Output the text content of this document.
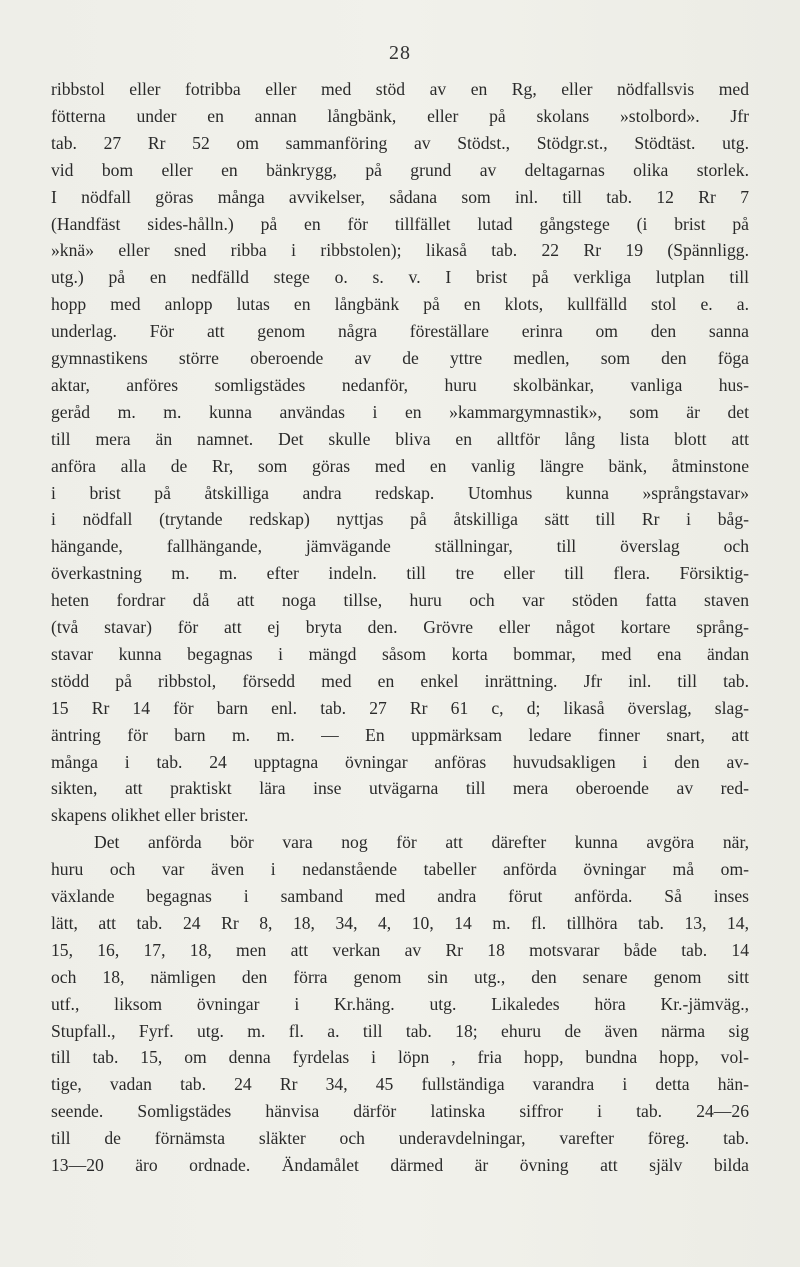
28
ribbstol eller fotribba eller med stöd av en Rg, eller nödfallsvis med
fötterna under en annan långbänk, eller på skolans »stolbord». Jfr
tab. 27 Rr 52 om sammanföring av Stödst., Stödgr.st., Stödtäst. utg.
vid bom eller en bänkrygg, på grund av deltagarnas olika storlek.
I nödfall göras många avvikelser, sådana som inl. till tab. 12 Rr 7
(Handfäst sides-hålln.) på en för tillfället lutad gångstege (i brist på
»knä» eller sned ribba i ribbstolen); likaså tab. 22 Rr 19 (Spännligg.
utg.) på en nedfälld stege o. s. v. I brist på verkliga lutplan till
hopp med anlopp lutas en långbänk på en klots, kullfälld stol e. a.
underlag. För att genom några föreställare erinra om den sanna
gymnastikens större oberoende av de yttre medlen, som den föga
aktar, anföres somligstädes nedanför, huru skolbänkar, vanliga hus-
geråd m. m. kunna användas i en »kammargymnastik», som är det
till mera än namnet. Det skulle bliva en alltför lång lista blott att
anföra alla de Rr, som göras med en vanlig längre bänk, åtminstone
i brist på åtskilliga andra redskap. Utomhus kunna »språngstavar»
i nödfall (trytande redskap) nyttjas på åtskilliga sätt till Rr i båg-
hängande, fallhängande, jämvägande ställningar, till överslag och
överkastning m. m. efter indeln. till tre eller till flera. Försiktig-
heten fordrar då att noga tillse, huru och var stöden fatta staven
(två stavar) för att ej bryta den. Grövre eller något kortare språng-
stavar kunna begagnas i mängd såsom korta bommar, med ena ändan
stödd på ribbstol, försedd med en enkel inrättning. Jfr inl. till tab.
15 Rr 14 för barn enl. tab. 27 Rr 61 c, d; likaså överslag, slag-
äntring för barn m. m. — En uppmärksam ledare finner snart, att
många i tab. 24 upptagna övningar anföras huvudsakligen i den av-
sikten, att praktiskt lära inse utvägarna till mera oberoende av red-
skapens olikhet eller brister.
Det anförda bör vara nog för att därefter kunna avgöra när,
huru och var även i nedanstående tabeller anförda övningar må om-
växlande begagnas i samband med andra förut anförda. Så inses
lätt, att tab. 24 Rr 8, 18, 34, 4, 10, 14 m. fl. tillhöra tab. 13, 14,
15, 16, 17, 18, men att verkan av Rr 18 motsvarar både tab. 14
och 18, nämligen den förra genom sin utg., den senare genom sitt
utf., liksom övningar i Kr.häng. utg. Likaledes höra Kr.-jämväg.,
Stupfall., Fyrf. utg. m. fl. a. till tab. 18; ehuru de även närma sig
till tab. 15, om denna fyrdelas i löpn , fria hopp, bundna hopp, vol-
tige, vadan tab. 24 Rr 34, 45 fullständiga varandra i detta hän-
seende. Somligstädes hänvisa därför latinska siffror i tab. 24—26
till de förnämsta släkter och underavdelningar, varefter föreg. tab.
13—20 äro ordnade. Ändamålet därmed är övning att själv bilda
